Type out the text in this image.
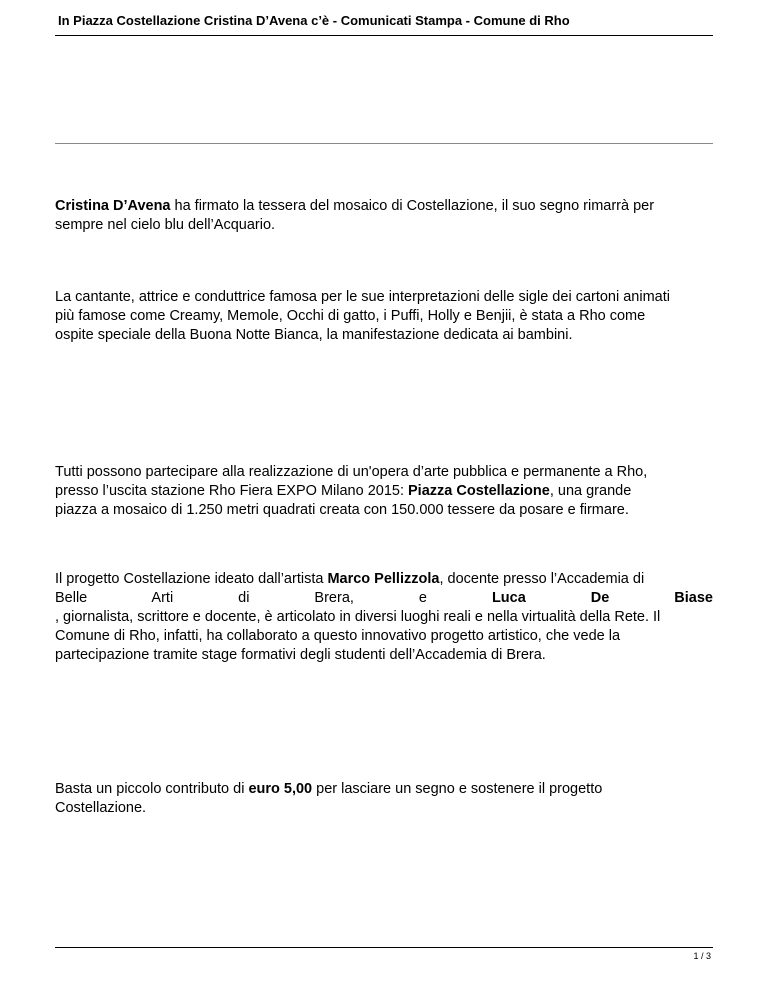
In Piazza Costellazione Cristina D’Avena c’è - Comunicati Stampa - Comune di Rho
Cristina D’Avena ha firmato la tessera del mosaico di Costellazione, il suo segno rimarrà per
sempre nel cielo blu dell’Acquario.
La cantante, attrice e conduttrice famosa per le sue interpretazioni delle sigle dei cartoni animati
più famose come Creamy, Memole, Occhi di gatto, i Puffi, Holly e Benjii, è stata a Rho come
ospite speciale della Buona Notte Bianca, la manifestazione dedicata ai bambini.
Tutti possono partecipare alla realizzazione di un'opera d’arte pubblica e permanente a Rho,
presso l’uscita stazione Rho Fiera EXPO Milano 2015: Piazza Costellazione, una grande
piazza a mosaico di 1.250 metri quadrati creata con 150.000 tessere da posare e firmare.
Il progetto Costellazione ideato dall’artista Marco Pellizzola, docente presso l’Accademia di
Belle Arti di Brera, e	Luca De Biase
, giornalista, scrittore e docente, è articolato in diversi luoghi reali e nella virtualità della Rete. Il
Comune di Rho, infatti, ha collaborato a questo innovativo progetto artistico, che vede la
partecipazione tramite stage formativi degli studenti dell’Accademia di Brera.
Basta un piccolo contributo di euro 5,00 per lasciare un segno e sostenere il progetto
Costellazione.
1 / 3
